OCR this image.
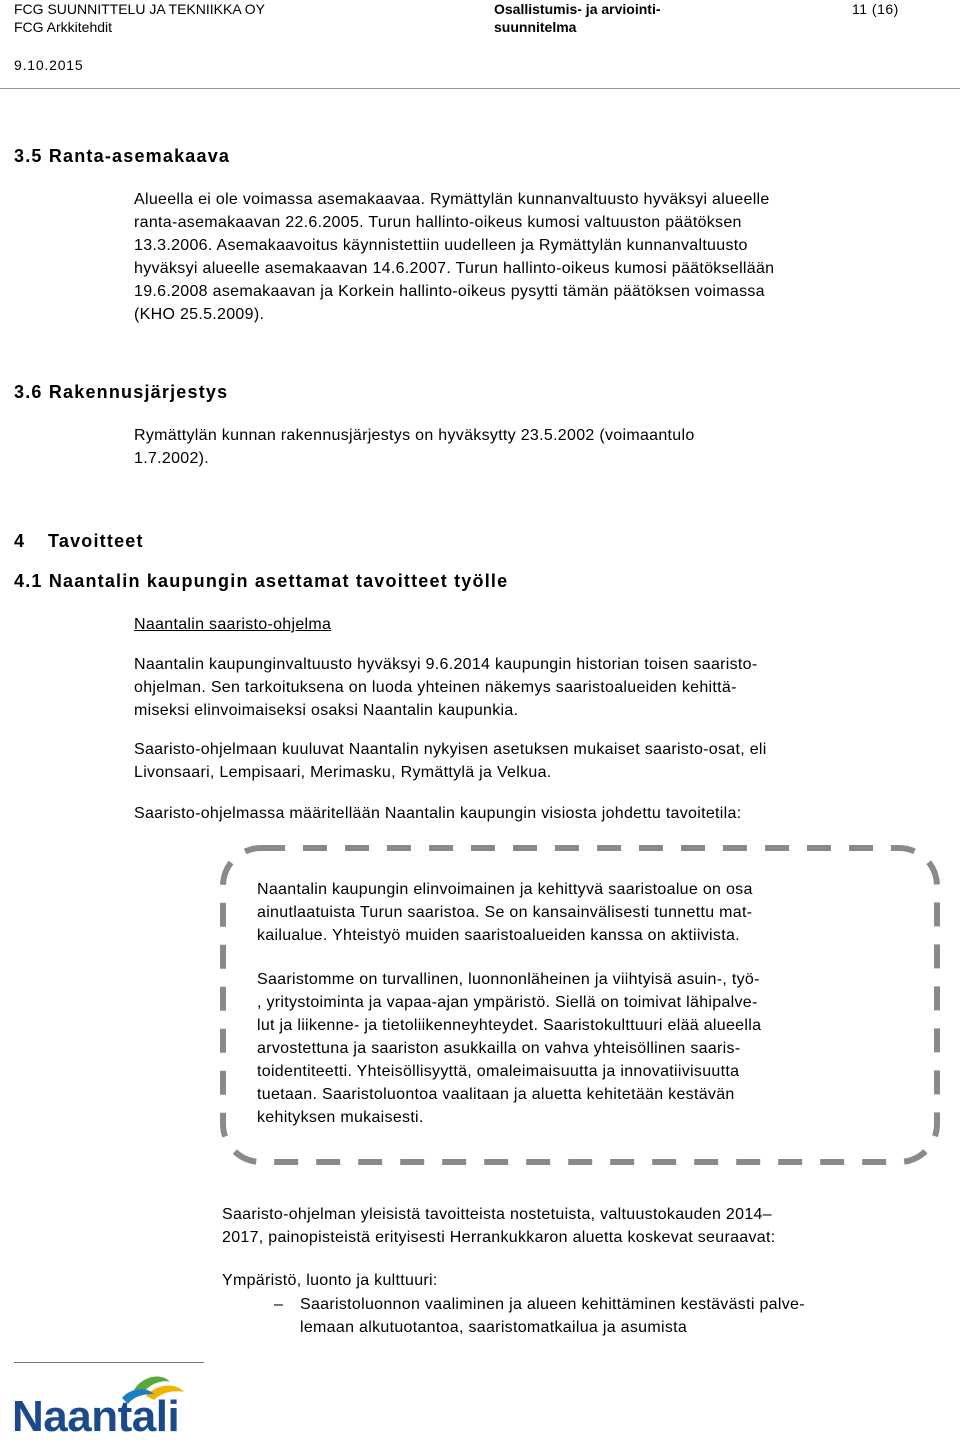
FCG SUUNNITTELU JA TEKNIIKKA OY
FCG Arkkitehdit
9.10.2015
Osallistumis- ja arviointi-
suunnitelma
11 (16)
3.5 Ranta-asemakaava
Alueella ei ole voimassa asemakaavaa. Rymättylän kunnanvaltuusto hyväksyi alueelle
ranta-asemakaavan 22.6.2005. Turun hallinto-oikeus kumosi valtuuston päätöksen
13.3.2006. Asemakaavoitus käynnistettiin uudelleen ja Rymättylän kunnanvaltuusto
hyväksyi alueelle asemakaavan 14.6.2007. Turun hallinto-oikeus kumosi päätöksellään
19.6.2008 asemakaavan ja Korkein hallinto-oikeus pysytti tämän päätöksen voimassa
(KHO 25.5.2009).
3.6 Rakennusjärjestys
Rymättylän kunnan rakennusjärjestys on hyväksytty 23.5.2002 (voimaantulo
1.7.2002).
4 Tavoitteet
4.1 Naantalin kaupungin asettamat tavoitteet työlle
Naantalin saaristo-ohjelma
Naantalin kaupunginvaltuusto hyväksyi 9.6.2014 kaupungin historian toisen saaristo-
ohjelman. Sen tarkoituksena on luoda yhteinen näkemys saaristoalueiden kehittä-
miseksi elinvoimaiseksi osaksi Naantalin kaupunkia.
Saaristo-ohjelmaan kuuluvat Naantalin nykyisen asetuksen mukaiset saaristo-osat, eli
Livonsaari, Lempisaari, Merimasku, Rymättylä ja Velkua.
Saaristo-ohjelmassa määritellään Naantalin kaupungin visiosta johdettu tavoitetila:
Naantalin kaupungin elinvoimainen ja kehittyvä saaristoalue on osa
ainutlaatuista Turun saaristoa. Se on kansainvälisesti tunnettu mat-
kailualue. Yhteistyö muiden saaristoalueiden kanssa on aktiivista.
Saaristomme on turvallinen, luonnonläheinen ja viihtyisä asuin-, työ-
, yritystoiminta ja vapaa-ajan ympäristö. Siellä on toimivat lähipalve-
lut ja liikenne- ja tietoliikenneyhteydet. Saaristokulttuuri elää alueella
arvostettuna ja saariston asukkailla on vahva yhteisöllinen saaris-
toidentiteetti. Yhteisöllisyyttä, omaleimaisuutta ja innovatiivisuutta
tuetaan. Saaristoluontoa vaalitaan ja aluetta kehitetään kestävän
kehityksen mukaisesti.
Saaristo-ohjelman yleisistä tavoitteista nostetuista, valtuustokauden 2014–
2017, painopisteistä erityisesti Herrankukkaron aluetta koskevat seuraavat:
Ympäristö, luonto ja kulttuuri:
– Saaristoluonnon vaaliminen ja alueen kehittäminen kestävästi palve-
lemaan alkutuotantoa, saaristomatkailua ja asumista
Naantali
